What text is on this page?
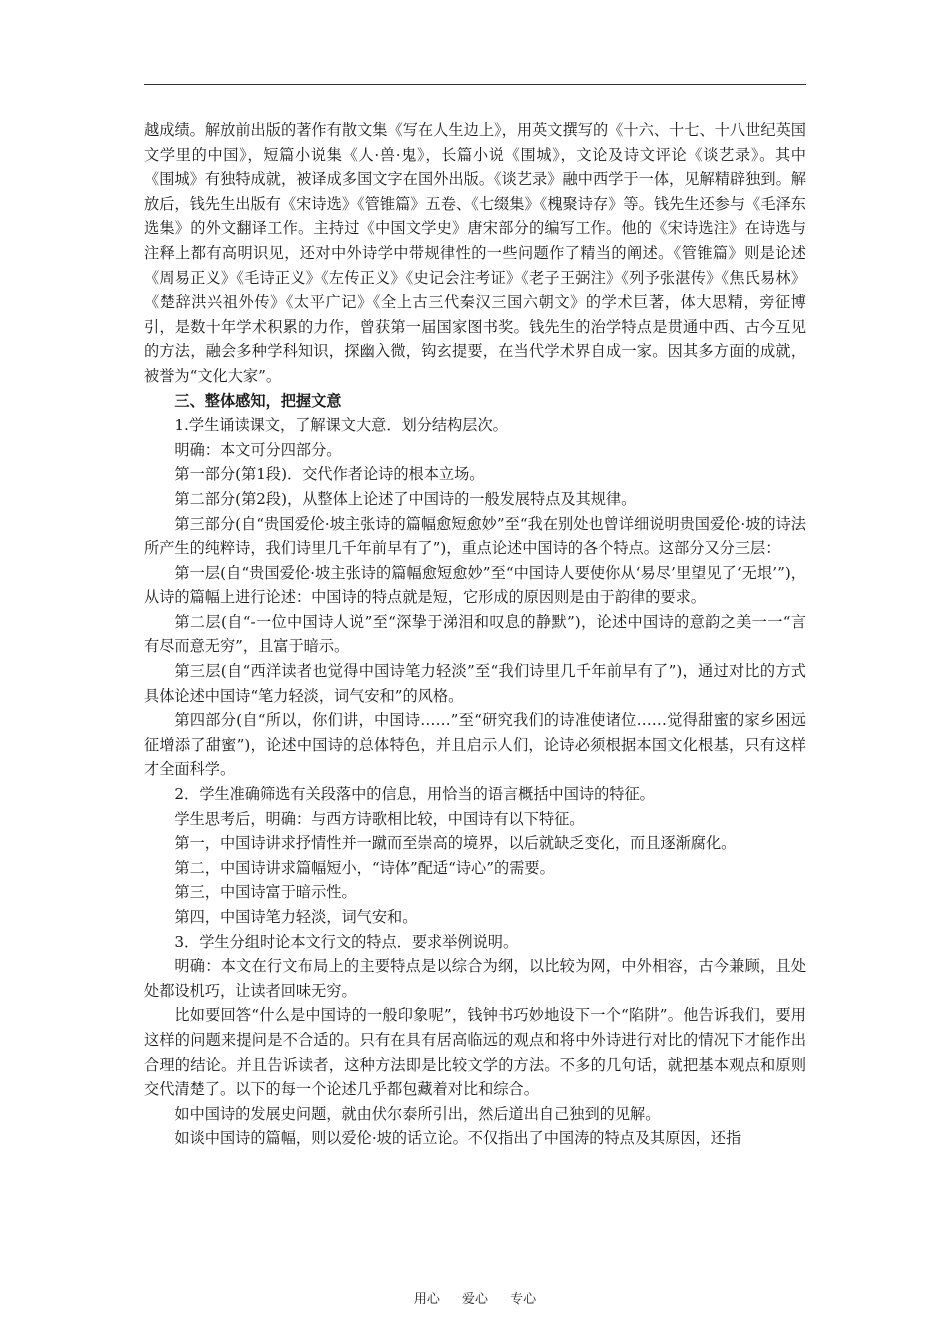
越成绩。解放前出版的著作有散文集《写在人生边上》，用英文撰写的《十六、十七、十八世纪英国文学里的中国》，短篇小说集《人·兽·鬼》，长篇小说《围城》，文论及诗文评论《谈艺录》。其中《围城》有独特成就，被译成多国文字在国外出版。《谈艺录》融中西学于一体，见解精辟独到。解放后，钱先生出版有《宋诗选》《管锥篇》五卷、《七缀集》《槐聚诗存》等。钱先生还参与《毛泽东选集》的外文翻译工作。主持过《中国文学史》唐宋部分的编写工作。他的《宋诗选注》在诗选与注释上都有高明识见，还对中外诗学中带规律性的一些问题作了精当的阐述。《管锥篇》则是论述《周易正义》《毛诗正义》《左传正义》《史记会注考证》《老子王弼注》《列予张湛传》《焦氏易林》《楚辞洪兴祖外传》《太平广记》《全上古三代秦汉三国六朝文》的学术巨著，体大思精，旁征博引，是数十年学术积累的力作，曾获第一届国家图书奖。钱先生的治学特点是贯通中西、古今互见的方法，融会多种学科知识，探幽入微，钩玄提要，在当代学术界自成一家。因其多方面的成就，被誉为“文化大家”。

三、整体感知，把握文意

1.学生诵读课文，了解课文大意．划分结构层次。

明确：本文可分四部分。

第一部分(第1段)．交代作者论诗的根本立场。

第二部分(第2段)，从整体上论述了中国诗的一般发展特点及其规律。

第三部分(自“贵国爱伦·坡主张诗的篇幅愈短愈妙”至“我在别处也曾详细说明贵国爱伦·坡的诗法所产生的纯粹诗，我们诗里几千年前早有了”)，重点论述中国诗的各个特点。这部分又分三层：

第一层(自“贵国爱伦·坡主张诗的篇幅愈短愈妙”至“中国诗人要使你从‘易尽’里望见了‘无垠’”)，从诗的篇幅上进行论述：中国诗的特点就是短，它形成的原因则是由于韵律的要求。

第二层(自“-一位中国诗人说”至“深挚于涕泪和叹息的静默”)，论述中国诗的意韵之美一一“言有尽而意无穷”，且富于暗示。

第三层(自“西洋读者也觉得中国诗笔力轻淡”至“我们诗里几千年前早有了”)，通过对比的方式具体论述中国诗“笔力轻淡，词气安和”的风格。

第四部分(自“所以，你们讲，中国诗……”至“研究我们的诗准使诸位……觉得甜蜜的家乡困远征增添了甜蜜”)，论述中国诗的总体特色，并且启示人们，论诗必须根据本国文化根基，只有这样才全面科学。

2．学生准确筛选有关段落中的信息，用恰当的语言概括中国诗的特征。

学生思考后，明确：与西方诗歌相比较，中国诗有以下特征。

第一，中国诗讲求抒情性并一蹴而至崇高的境界，以后就缺乏变化，而且逐渐腐化。

第二，中国诗讲求篇幅短小，“诗体”配适“诗心”的需要。

第三，中国诗富于暗示性。

第四，中国诗笔力轻淡，词气安和。

3．学生分组时论本文行文的特点．要求举例说明。

明确：本文在行文布局上的主要特点是以综合为纲，以比较为网，中外相容，古今兼顾，且处处都设机巧，让读者回味无穷。

比如要回答“什么是中国诗的一般印象呢”，钱钟书巧妙地设下一个“陷阱”。他告诉我们，要用这样的问题来提问是不合适的。只有在具有居高临远的观点和将中外诗进行对比的情况下才能作出合理的结论。并且告诉读者，这种方法即是比较文学的方法。不多的几句话，就把基本观点和原则交代清楚了。以下的每一个论述几乎都包藏着对比和综合。

如中国诗的发展史问题，就由伏尔泰所引出，然后道出自己独到的见解。

如谈中国诗的篇幅，则以爱伦·坡的话立论。不仅指出了中国涛的特点及其原因，还指

用心 爱心 专心
